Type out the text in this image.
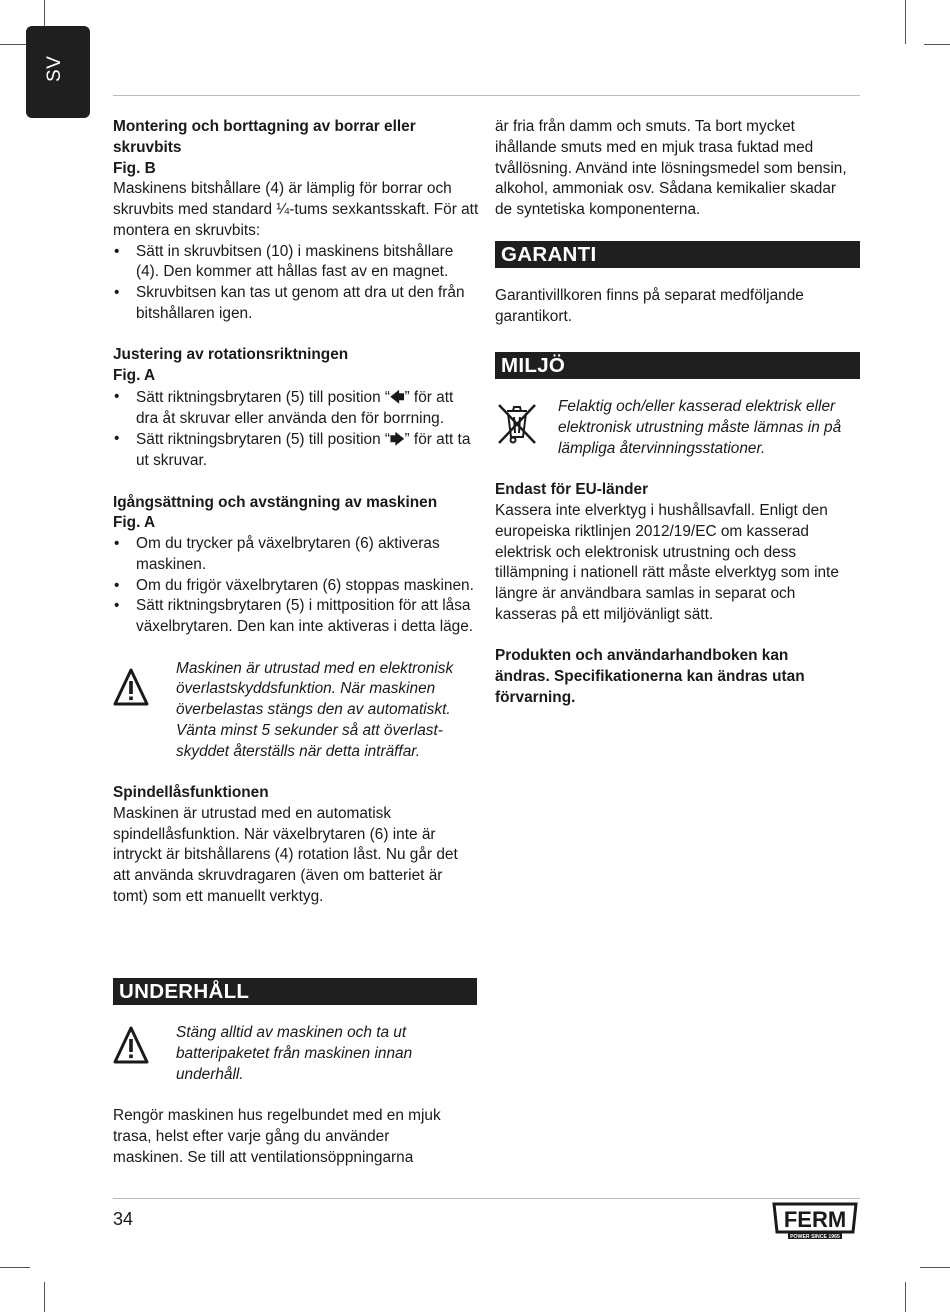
SV

Montering och borttagning av borrar eller skruvbits

Fig. B

Maskinens bitshållare (4) är lämplig för borrar och skruvbits med standard ¼-tums sexkantsskaft. För att montera en skruvbits:

• Sätt in skruvbitsen (10) i maskinens bitshållare (4). Den kommer att hållas fast av en magnet.
• Skruvbitsen kan tas ut genom att dra ut den från bitshållaren igen.

Justering av rotationsriktningen

Fig. A

• Sätt riktningsbrytaren (5) till position “🡄” för att dra åt skruvar eller använda den för borrning.
• Sätt riktningsbrytaren (5) till position “🡆” för att ta ut skruvar.

Igångsättning och avstängning av maskinen

Fig. A

• Om du trycker på växelbrytaren (6) aktiveras maskinen.
• Om du frigör växelbrytaren (6) stoppas maskinen.
• Sätt riktningsbrytaren (5) i mittposition för att låsa växelbrytaren. Den kan inte aktiveras i detta läge.
Maskinen är utrustad med en elektronisk
överlastskyddsfunktion. När maskinen
överbelastas stängs den av automatiskt.
Vänta minst 5 sekunder så att överlast-
skyddet återställs när detta inträffar.

Spindellåsfunktionen

Maskinen är utrustad med en automatisk spindellåsfunktion. När växelbrytaren (6) inte är intryckt är bitshållarens (4) rotation låst. Nu går det att använda skruvdragaren (även om batteriet är tomt) som ett manuellt verktyg.

UNDERHÅLL
Stäng alltid av maskinen och ta ut
batteripaketet från maskinen innan
underhåll.

Rengör maskinen hus regelbundet med en mjuk trasa, helst efter varje gång du använder maskinen. Se till att ventilationsöppningarna

är fria från damm och smuts. Ta bort mycket ihållande smuts med en mjuk trasa fuktad med tvållösning. Använd inte lösningsmedel som bensin, alkohol, ammoniak osv. Sådana kemikalier skadar de syntetiska komponenterna.

GARANTI

Garantivillkoren finns på separat medföljande garantikort.

MILJÖ
Felaktig och/eller kasserad elektrisk eller
elektronisk utrustning måste lämnas in på
lämpliga återvinningsstationer.

Endast för EU-länder

Kassera inte elverktyg i hushållsavfall. Enligt den europeiska riktlinjen 2012/19/EC om kasserad elektrisk och elektronisk utrustning och dess tillämpning i nationell rätt måste elverktyg som inte längre är användbara samlas in separat och kasseras på ett miljövänligt sätt.

Produkten och användarhandboken kan ändras. Specifikationerna kan ändras utan förvarning.

34	FERM
POWER SINCE 1965
